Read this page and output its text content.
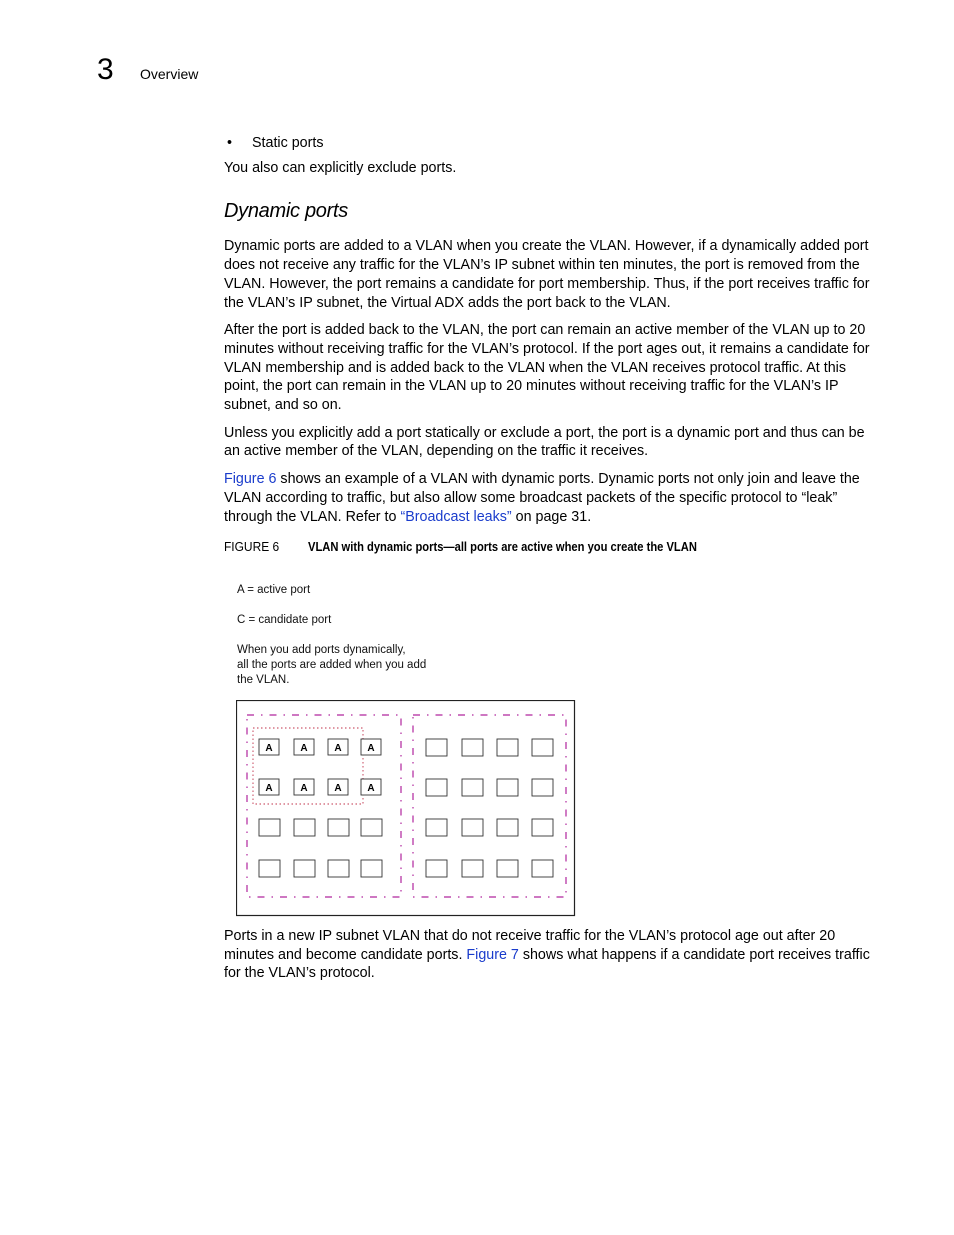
3 Overview
• Static ports

You also can explicitly exclude ports.

Dynamic ports

Dynamic ports are added to a VLAN when you create the VLAN. However, if a dynamically added port does not receive any traffic for the VLAN’s IP subnet within ten minutes, the port is removed from the VLAN. However, the port remains a candidate for port membership. Thus, if the port receives traffic for the VLAN’s IP subnet, the Virtual ADX adds the port back to the VLAN.

After the port is added back to the VLAN, the port can remain an active member of the VLAN up to 20 minutes without receiving traffic for the VLAN’s protocol. If the port ages out, it remains a candidate for VLAN membership and is added back to the VLAN when the VLAN receives protocol traffic. At this point, the port can remain in the VLAN up to 20 minutes without receiving traffic for the VLAN’s IP subnet, and so on.

Unless you explicitly add a port statically or exclude a port, the port is a dynamic port and thus can be an active member of the VLAN, depending on the traffic it receives.

Figure 6 shows an example of a VLAN with dynamic ports. Dynamic ports not only join and leave the VLAN according to traffic, but also allow some broadcast packets of the specific protocol to “leak” through the VLAN. Refer to “Broadcast leaks” on page 31.

FIGURE 6 VLAN with dynamic ports—all ports are active when you create the VLAN
A = active port
C = candidate port
When you add ports dynamically,
all the ports are added when you add
the VLAN.
A	A	A	A
A	A	A	A

Ports in a new IP subnet VLAN that do not receive traffic for the VLAN’s protocol age out after 20 minutes and become candidate ports. Figure 7 shows what happens if a candidate port receives traffic for the VLAN’s protocol.
